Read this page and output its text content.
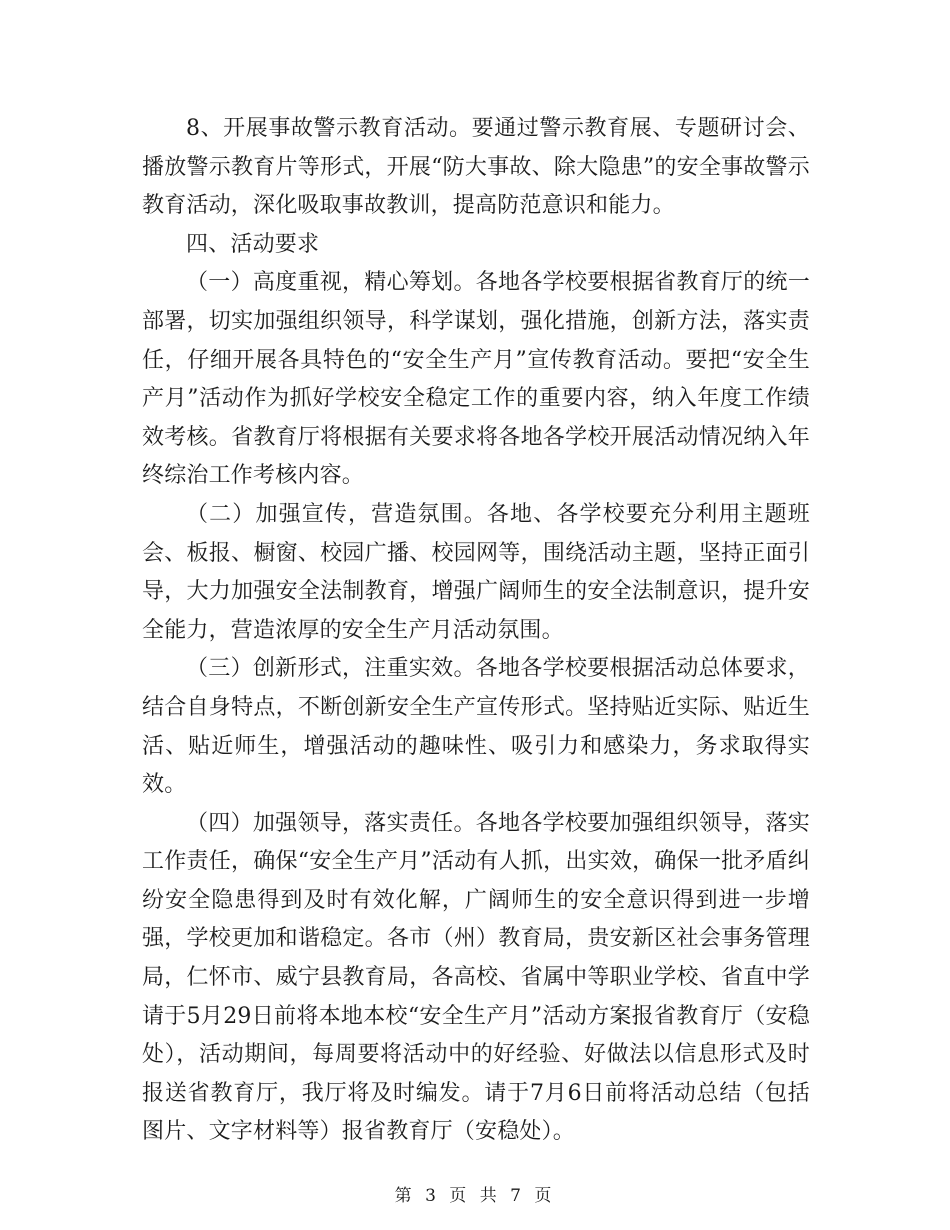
8、开展事故警示教育活动。要通过警示教育展、专题研讨会、播放警示教育片等形式，开展“防大事故、除大隐患”的安全事故警示教育活动，深化吸取事故教训，提高防范意识和能力。

四、活动要求

（一）高度重视，精心筹划。各地各学校要根据省教育厅的统一部署，切实加强组织领导，科学谋划，强化措施，创新方法，落实责任，仔细开展各具特色的“安全生产月”宣传教育活动。要把“安全生产月”活动作为抓好学校安全稳定工作的重要内容，纳入年度工作绩效考核。省教育厅将根据有关要求将各地各学校开展活动情况纳入年终综治工作考核内容。

（二）加强宣传，营造氛围。各地、各学校要充分利用主题班会、板报、橱窗、校园广播、校园网等，围绕活动主题，坚持正面引导，大力加强安全法制教育，增强广阔师生的安全法制意识，提升安全能力，营造浓厚的安全生产月活动氛围。

（三）创新形式，注重实效。各地各学校要根据活动总体要求，结合自身特点，不断创新安全生产宣传形式。坚持贴近实际、贴近生活、贴近师生，增强活动的趣味性、吸引力和感染力，务求取得实效。

（四）加强领导，落实责任。各地各学校要加强组织领导，落实工作责任，确保“安全生产月”活动有人抓，出实效，确保一批矛盾纠纷安全隐患得到及时有效化解，广阔师生的安全意识得到进一步增强，学校更加和谐稳定。各市（州）教育局，贵安新区社会事务管理局，仁怀市、威宁县教育局，各高校、省属中等职业学校、省直中学请于5月29日前将本地本校“安全生产月”活动方案报省教育厅（安稳处），活动期间，每周要将活动中的好经验、好做法以信息形式及时报送省教育厅，我厅将及时编发。请于7月6日前将活动总结（包括图片、文字材料等）报省教育厅（安稳处）。

第 3 页 共 7 页
